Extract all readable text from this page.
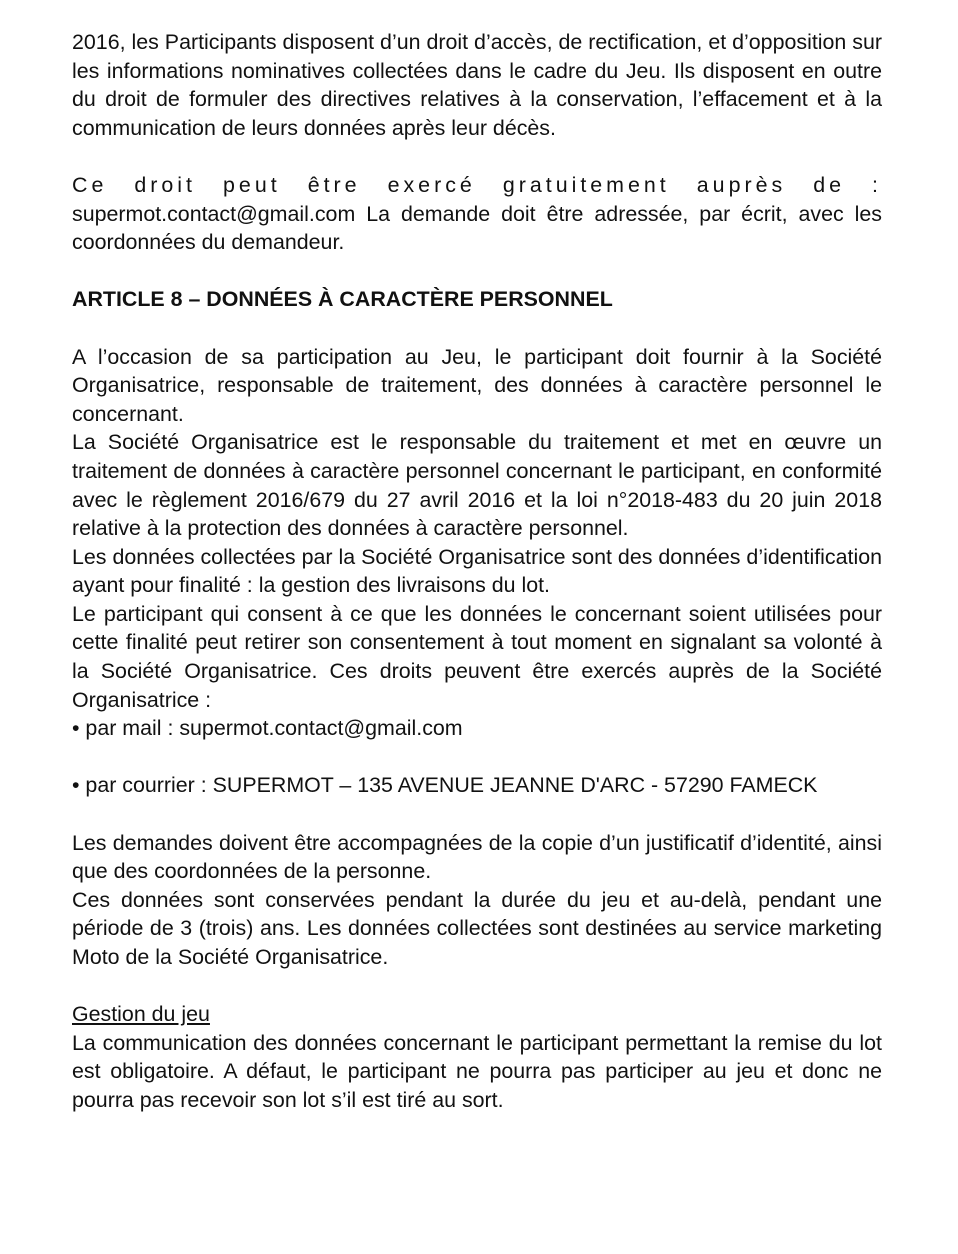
2016, les Participants disposent d’un droit d’accès, de rectification, et d’opposition sur les informations nominatives collectées dans le cadre du Jeu. Ils disposent en outre du droit de formuler des directives relatives à la conservation, l’effacement et à la communication de leurs données après leur décès.

Ce droit peut être exercé gratuitement auprès de :

supermot.contact@gmail.com La demande doit être adressée, par écrit, avec les coordonnées du demandeur.

ARTICLE 8 – DONNÉES À CARACTÈRE PERSONNEL

A l’occasion de sa participation au Jeu, le participant doit fournir à la Société Organisatrice, responsable de traitement, des données à caractère personnel le concernant.

La Société Organisatrice est le responsable du traitement et met en œuvre un traitement de données à caractère personnel concernant le participant, en conformité avec le règlement 2016/679 du 27 avril 2016 et la loi n°2018-483 du 20 juin 2018 relative à la protection des données à caractère personnel.

Les données collectées par la Société Organisatrice sont des données d’identification ayant pour finalité : la gestion des livraisons du lot.

Le participant qui consent à ce que les données le concernant soient utilisées pour cette finalité peut retirer son consentement à tout moment en signalant sa volonté à la Société Organisatrice. Ces droits peuvent être exercés auprès de la Société Organisatrice :

• par mail : supermot.contact@gmail.com

• par courrier : SUPERMOT – 135 AVENUE JEANNE D'ARC - 57290 FAMECK

Les demandes doivent être accompagnées de la copie d’un justificatif d’identité, ainsi que des coordonnées de la personne.

Ces données sont conservées pendant la durée du jeu et au-delà, pendant une période de 3 (trois) ans. Les données collectées sont destinées au service marketing Moto de la Société Organisatrice.

Gestion du jeu

La communication des données concernant le participant permettant la remise du lot est obligatoire. A défaut, le participant ne pourra pas participer au jeu et donc ne pourra pas recevoir son lot s’il est tiré au sort.
